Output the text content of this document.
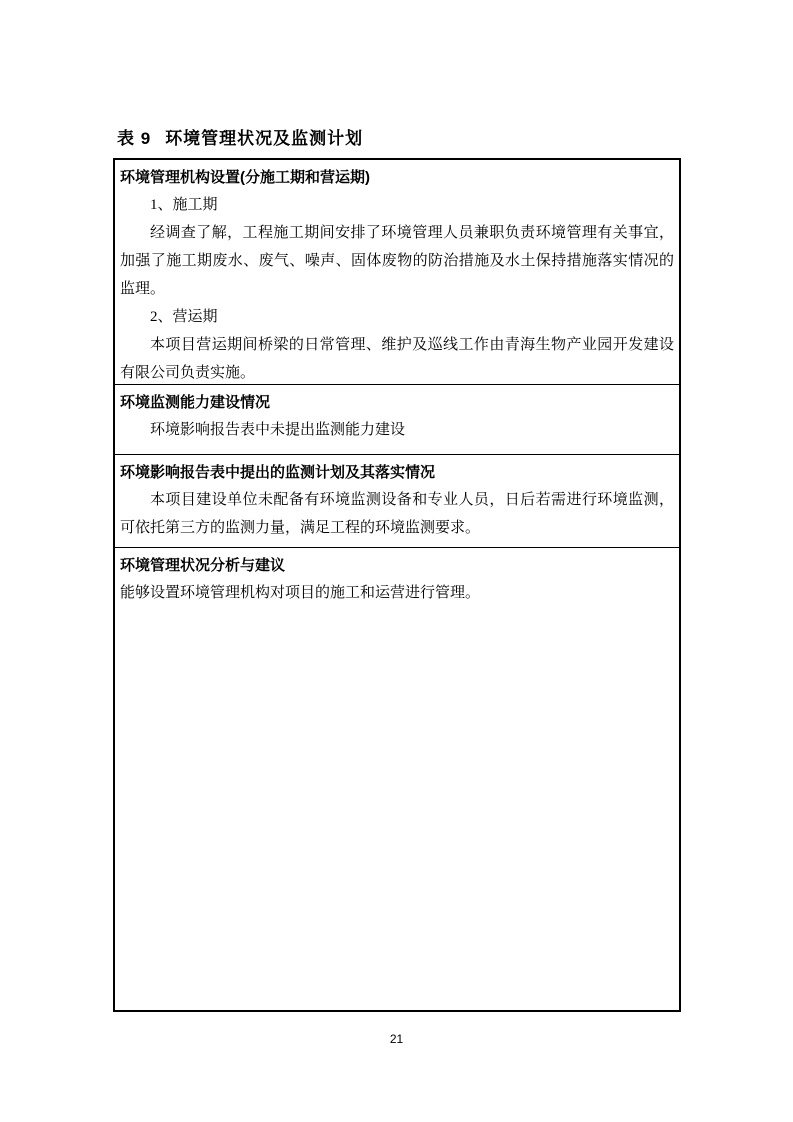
表 9 环境管理状况及监测计划
环境管理机构设置(分施工期和营运期)
1、施工期
经调查了解，工程施工期间安排了环境管理人员兼职负责环境管理有关事宜，加强了施工期废水、废气、噪声、固体废物的防治措施及水土保持措施落实情况的监理。
2、营运期
本项目营运期间桥梁的日常管理、维护及巡线工作由青海生物产业园开发建设有限公司负责实施。
环境监测能力建设情况
环境影响报告表中未提出监测能力建设
环境影响报告表中提出的监测计划及其落实情况
本项目建设单位未配备有环境监测设备和专业人员，日后若需进行环境监测，可依托第三方的监测力量，满足工程的环境监测要求。
环境管理状况分析与建议
能够设置环境管理机构对项目的施工和运营进行管理。
21
